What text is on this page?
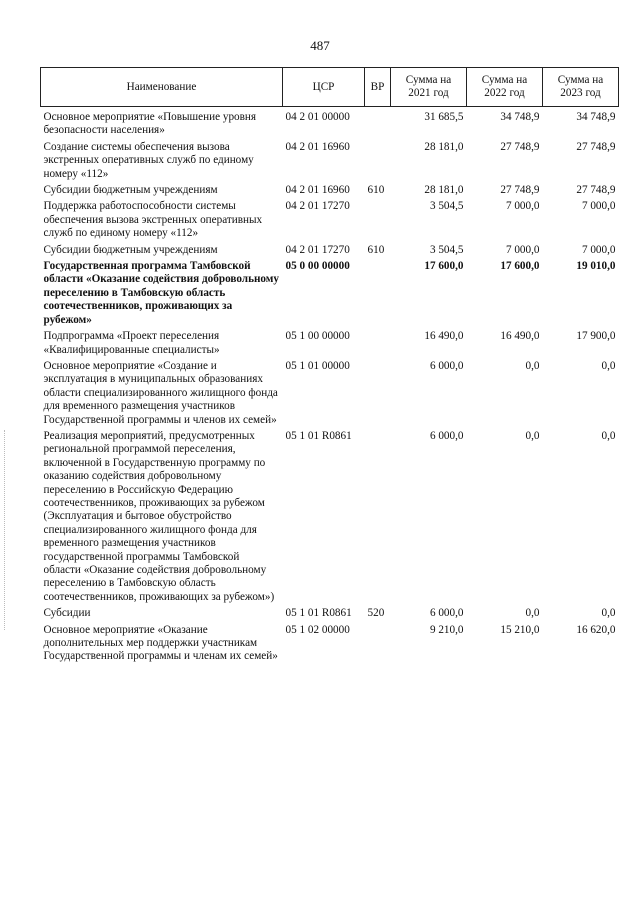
487
Наименование	ЦСР	ВР	Сумма на 2021 год	Сумма на 2022 год	Сумма на 2023 год
Основное мероприятие «Повышение уровня безопасности населения»	04 2 01 00000		31 685,5	34 748,9	34 748,9
Создание системы обеспечения вызова экстренных оперативных служб по единому номеру «112»	04 2 01 16960		28 181,0	27 748,9	27 748,9
Субсидии бюджетным учреждениям	04 2 01 16960	610	28 181,0	27 748,9	27 748,9
Поддержка работоспособности системы обеспечения вызова экстренных оперативных служб по единому номеру «112»	04 2 01 17270		3 504,5	7 000,0	7 000,0
Субсидии бюджетным учреждениям	04 2 01 17270	610	3 504,5	7 000,0	7 000,0
Государственная программа Тамбовской области «Оказание содействия добровольному переселению в Тамбовскую область соотечественников, проживающих за рубежом»	05 0 00 00000		17 600,0	17 600,0	19 010,0
Подпрограмма «Проект переселения «Квалифицированные специалисты»	05 1 00 00000		16 490,0	16 490,0	17 900,0
Основное мероприятие «Создание и эксплуатация в муниципальных образованиях области специализированного жилищного фонда для временного размещения участников Государственной программы и членов их семей»	05 1 01 00000		6 000,0	0,0	0,0
Реализация мероприятий, предусмотренных региональной программой переселения, включенной в Государственную программу по оказанию содействия добровольному переселению в Российскую Федерацию соотечественников, проживающих за рубежом (Эксплуатация и бытовое обустройство специализированного жилищного фонда для временного размещения участников государственной программы Тамбовской области «Оказание содействия добровольному переселению в Тамбовскую область соотечественников, проживающих за рубежом»)	05 1 01 R0861		6 000,0	0,0	0,0
Субсидии	05 1 01 R0861	520	6 000,0	0,0	0,0
Основное мероприятие «Оказание дополнительных мер поддержки участникам Государственной программы и членам их семей»	05 1 02 00000		9 210,0	15 210,0	16 620,0
